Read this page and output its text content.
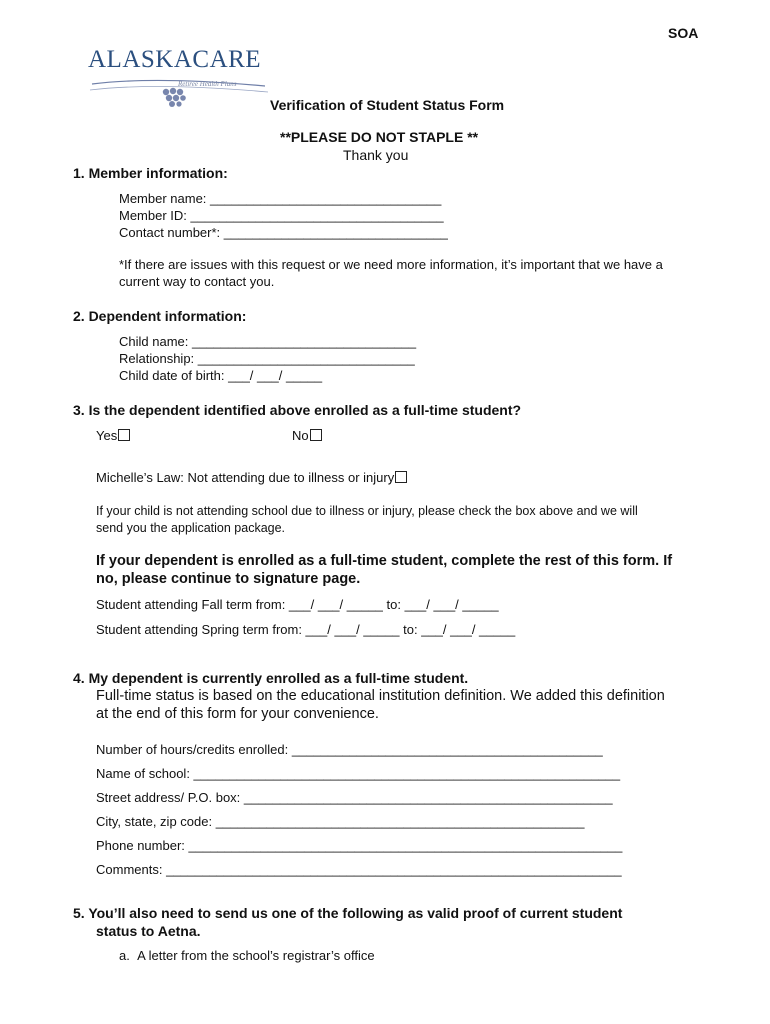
SOA
ALASKACARE
Retiree Health Plans
Verification of Student Status Form
**PLEASE DO NOT STAPLE **
Thank you
1. Member information:
Member name: ________________________________
Member ID: ___________________________________
Contact number*: _______________________________
*If there are issues with this request or we need more information, it’s important that we have a
current way to contact you.
2. Dependent information:
Child name: _______________________________
Relationship: ______________________________
Child date of birth: ___/ ___/ _____
3. Is the dependent identified above enrolled as a full-time student?
Yes	No
Michelle’s Law: Not attending due to illness or injury
If your child is not attending school due to illness or injury, please check the box above and we will
send you the application package.
If your dependent is enrolled as a full-time student, complete the rest of this form. If
no, please continue to signature page.
Student attending Fall term from: ___/ ___/ _____ to: ___/ ___/ _____
Student attending Spring term from: ___/ ___/ _____ to: ___/ ___/ _____
4. My dependent is currently enrolled as a full-time student.
Full-time status is based on the educational institution definition. We added this definition
at the end of this form for your convenience.
Number of hours/credits enrolled: ___________________________________________
Name of school: ___________________________________________________________
Street address/ P.O. box: ___________________________________________________
City, state, zip code: ___________________________________________________
Phone number: ____________________________________________________________
Comments: _______________________________________________________________
5. You’ll also need to send us one of the following as valid proof of current student
status to Aetna.
a. A letter from the school’s registrar’s office
